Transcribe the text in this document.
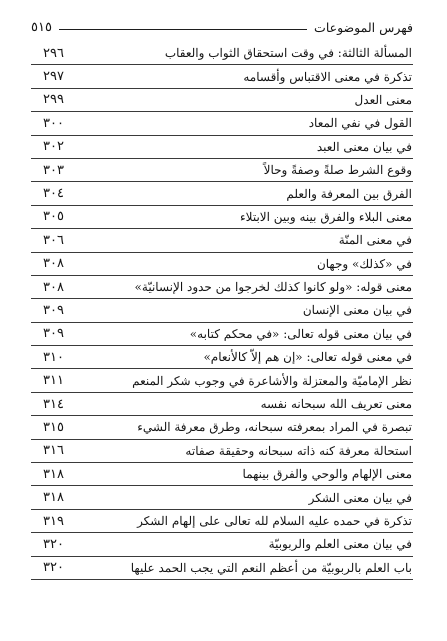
٥١٥	فهرس الموضوعات
٢٩٦	المسألة الثالثة: في وقت استحقاق الثواب والعقاب
٢٩٧	تذكرة في معنى الاقتباس وأقسامه
٢٩٩	معنى العدل
٣٠٠	القول في نفي المعاد
٣٠٢	في بيان معنى العبد
٣٠٣	وقوع الشرط صلةً وصفةً وحالاً
٣٠٤	الفرق بين المعرفة والعلم
٣٠٥	معنى البلاء والفرق بينه وبين الابتلاء
٣٠٦	في معنى المنّة
٣٠٨	في «كذلك» وجهان
٣٠٨	معنى قوله: «ولو كانوا كذلك لخرجوا من حدود الإنسانيّة»
٣٠٩	في بيان معنى الإنسان
٣٠٩	في بيان معنى قوله تعالى: «في محكم كتابه»
٣١٠	في معنى قوله تعالى: «إن هم إلاّ كالأنعام»
٣١١	نظر الإماميّة والمعتزلة والأشاعرة في وجوب شكر المنعم
٣١٤	معنى تعريف الله سبحانه نفسه
٣١٥	تبصرة في المراد بمعرفته سبحانه، وطرق معرفة الشيء
٣١٦	استحالة معرفة كنه ذاته سبحانه وحقيقة صفاته
٣١٨	معنى الإلهام والوحي والفرق بينهما
٣١٨	في بيان معنى الشكر
٣١٩	تذكرة في حمده عليه السلام لله تعالى على إلهام الشكر
٣٢٠	في بيان معنى العلم والربوبيّة
٣٢٠	باب العلم بالربوبيّة من أعظم النعم التي يجب الحمد عليها
